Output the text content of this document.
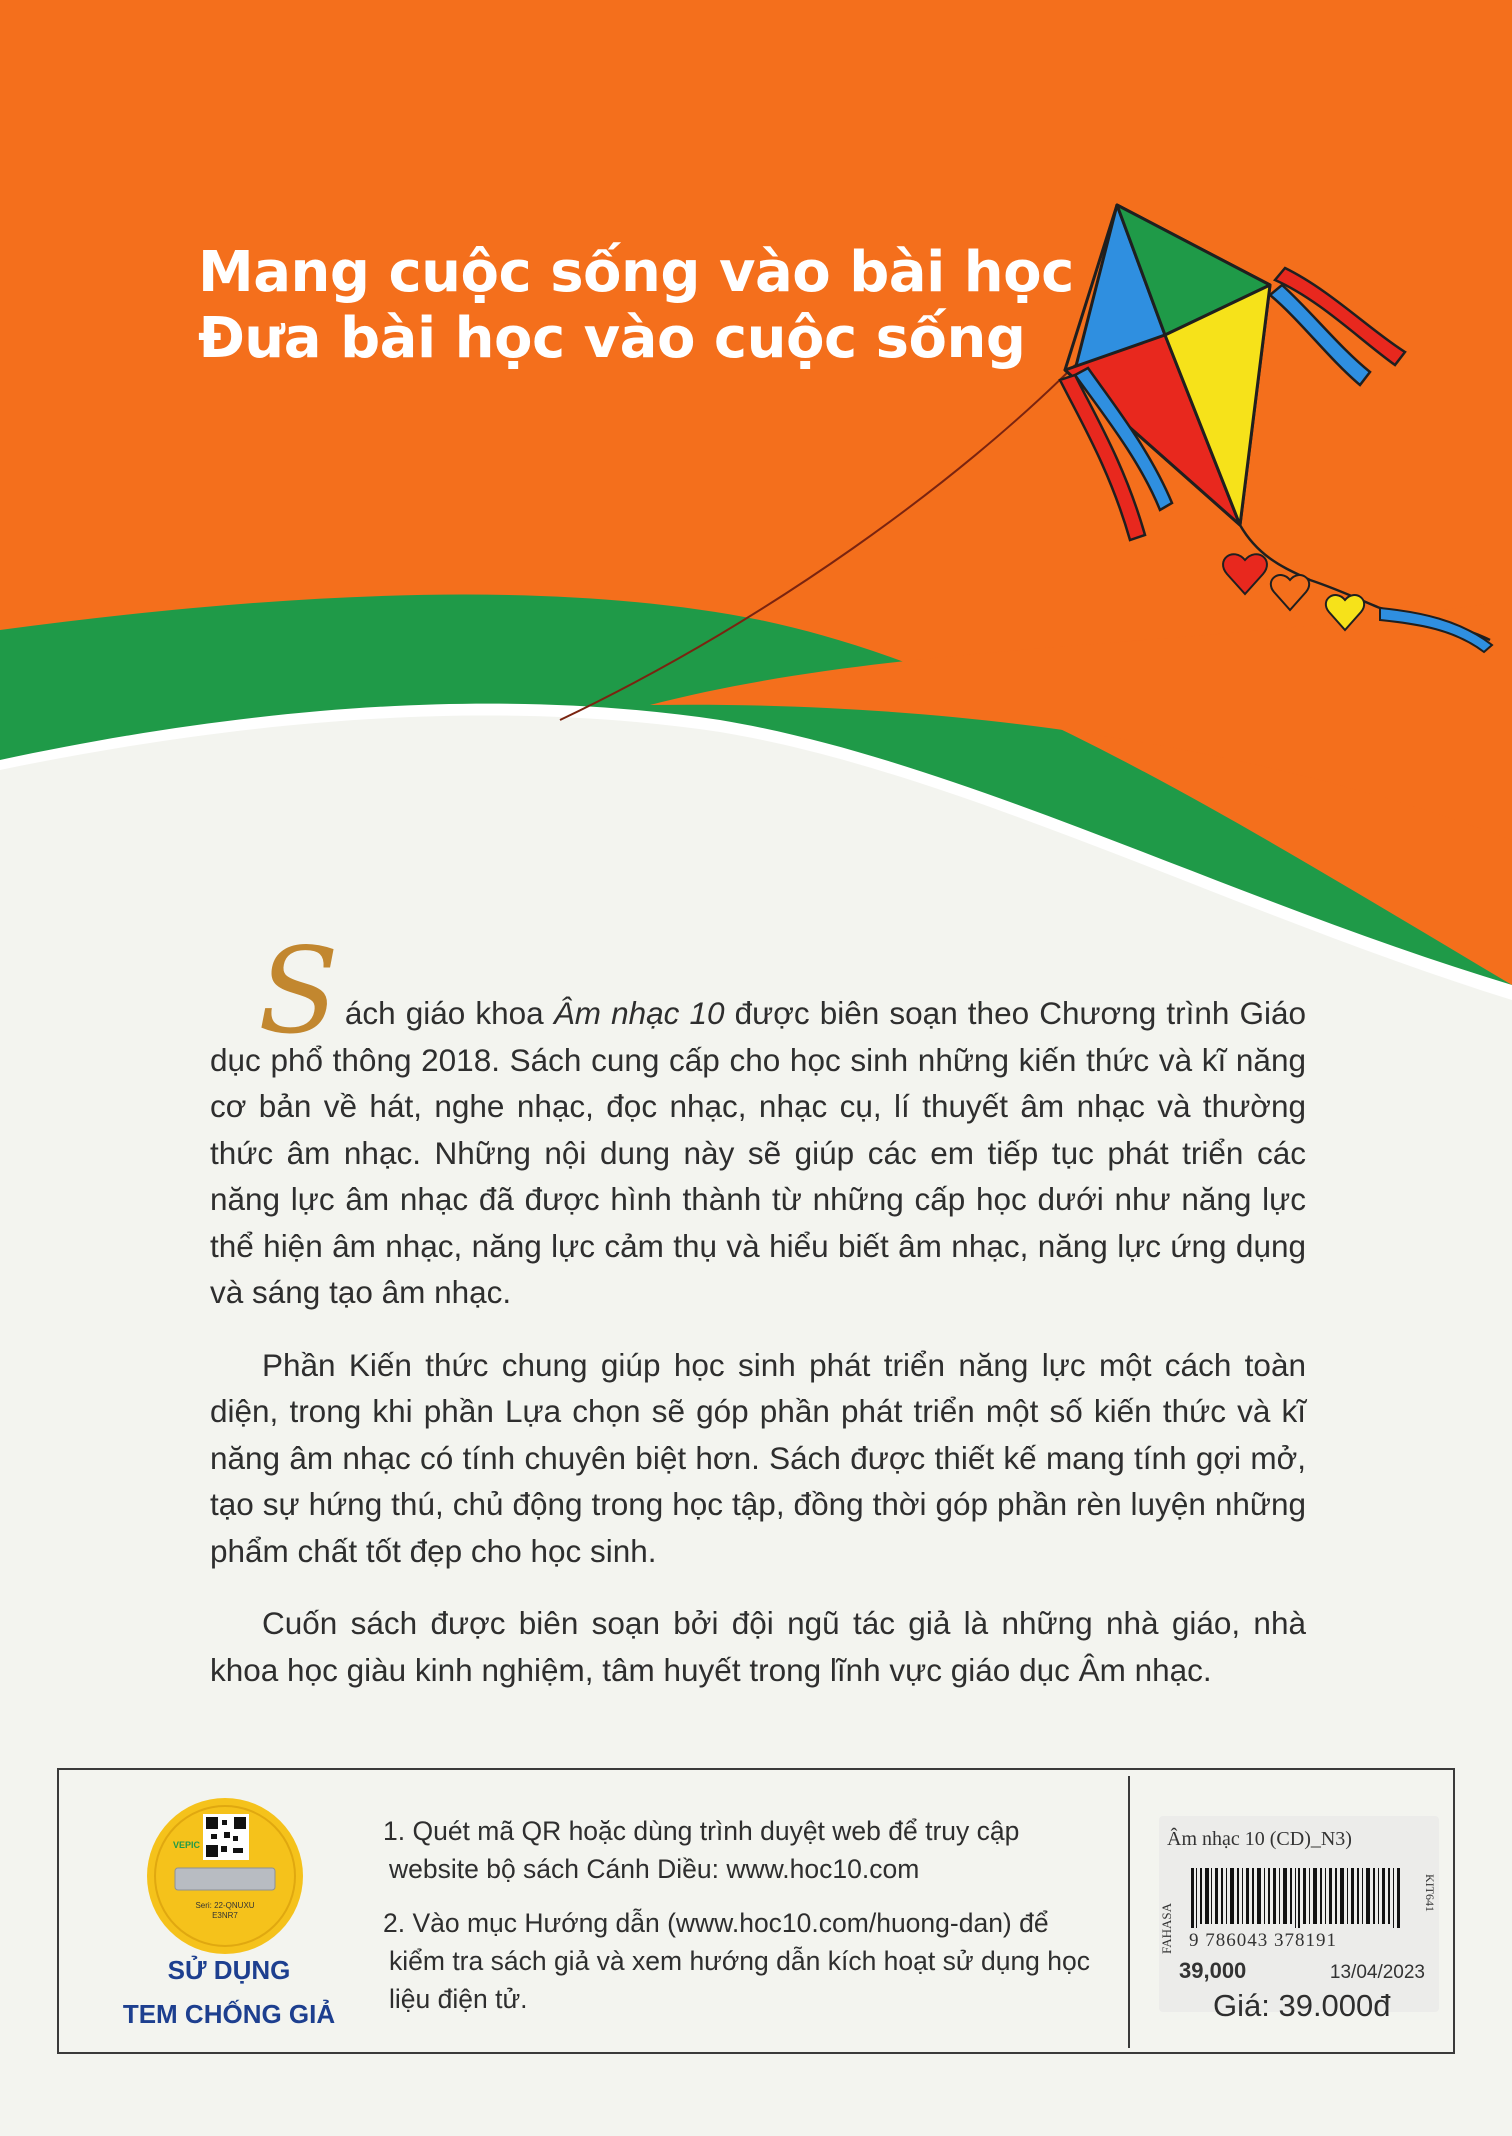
Mang cuộc sống vào bài học
Đưa bài học vào cuộc sống

Sách giáo khoa Âm nhạc 10 được biên soạn theo Chương trình Giáo dục phổ thông 2018. Sách cung cấp cho học sinh những kiến thức và kĩ năng cơ bản về hát, nghe nhạc, đọc nhạc, nhạc cụ, lí thuyết âm nhạc và thường thức âm nhạc. Những nội dung này sẽ giúp các em tiếp tục phát triển các năng lực âm nhạc đã được hình thành từ những cấp học dưới như năng lực thể hiện âm nhạc, năng lực cảm thụ và hiểu biết âm nhạc, năng lực ứng dụng và sáng tạo âm nhạc.

Phần Kiến thức chung giúp học sinh phát triển năng lực một cách toàn diện, trong khi phần Lựa chọn sẽ góp phần phát triển một số kiến thức và kĩ năng âm nhạc có tính chuyên biệt hơn. Sách được thiết kế mang tính gợi mở, tạo sự hứng thú, chủ động trong học tập, đồng thời góp phần rèn luyện những phẩm chất tốt đẹp cho học sinh.

Cuốn sách được biên soạn bởi đội ngũ tác giả là những nhà giáo, nhà khoa học giàu kinh nghiệm, tâm huyết trong lĩnh vực giáo dục Âm nhạc.

VEPIC
Seri: 22-QNUXU
E3NR7
SỬ DỤNG
TEM CHỐNG GIẢ

1. Quét mã QR hoặc dùng trình duyệt web để truy cập website bộ sách Cánh Diều: www.hoc10.com

2. Vào mục Hướng dẫn (www.hoc10.com/huong-dan) để kiểm tra sách giả và xem hướng dẫn kích hoạt sử dụng học liệu điện tử.

Âm nhạc 10 (CD)_N3)
FAHASA
KIT641
9 786043 378191
39,000	13/04/2023
Giá: 39.000đ
